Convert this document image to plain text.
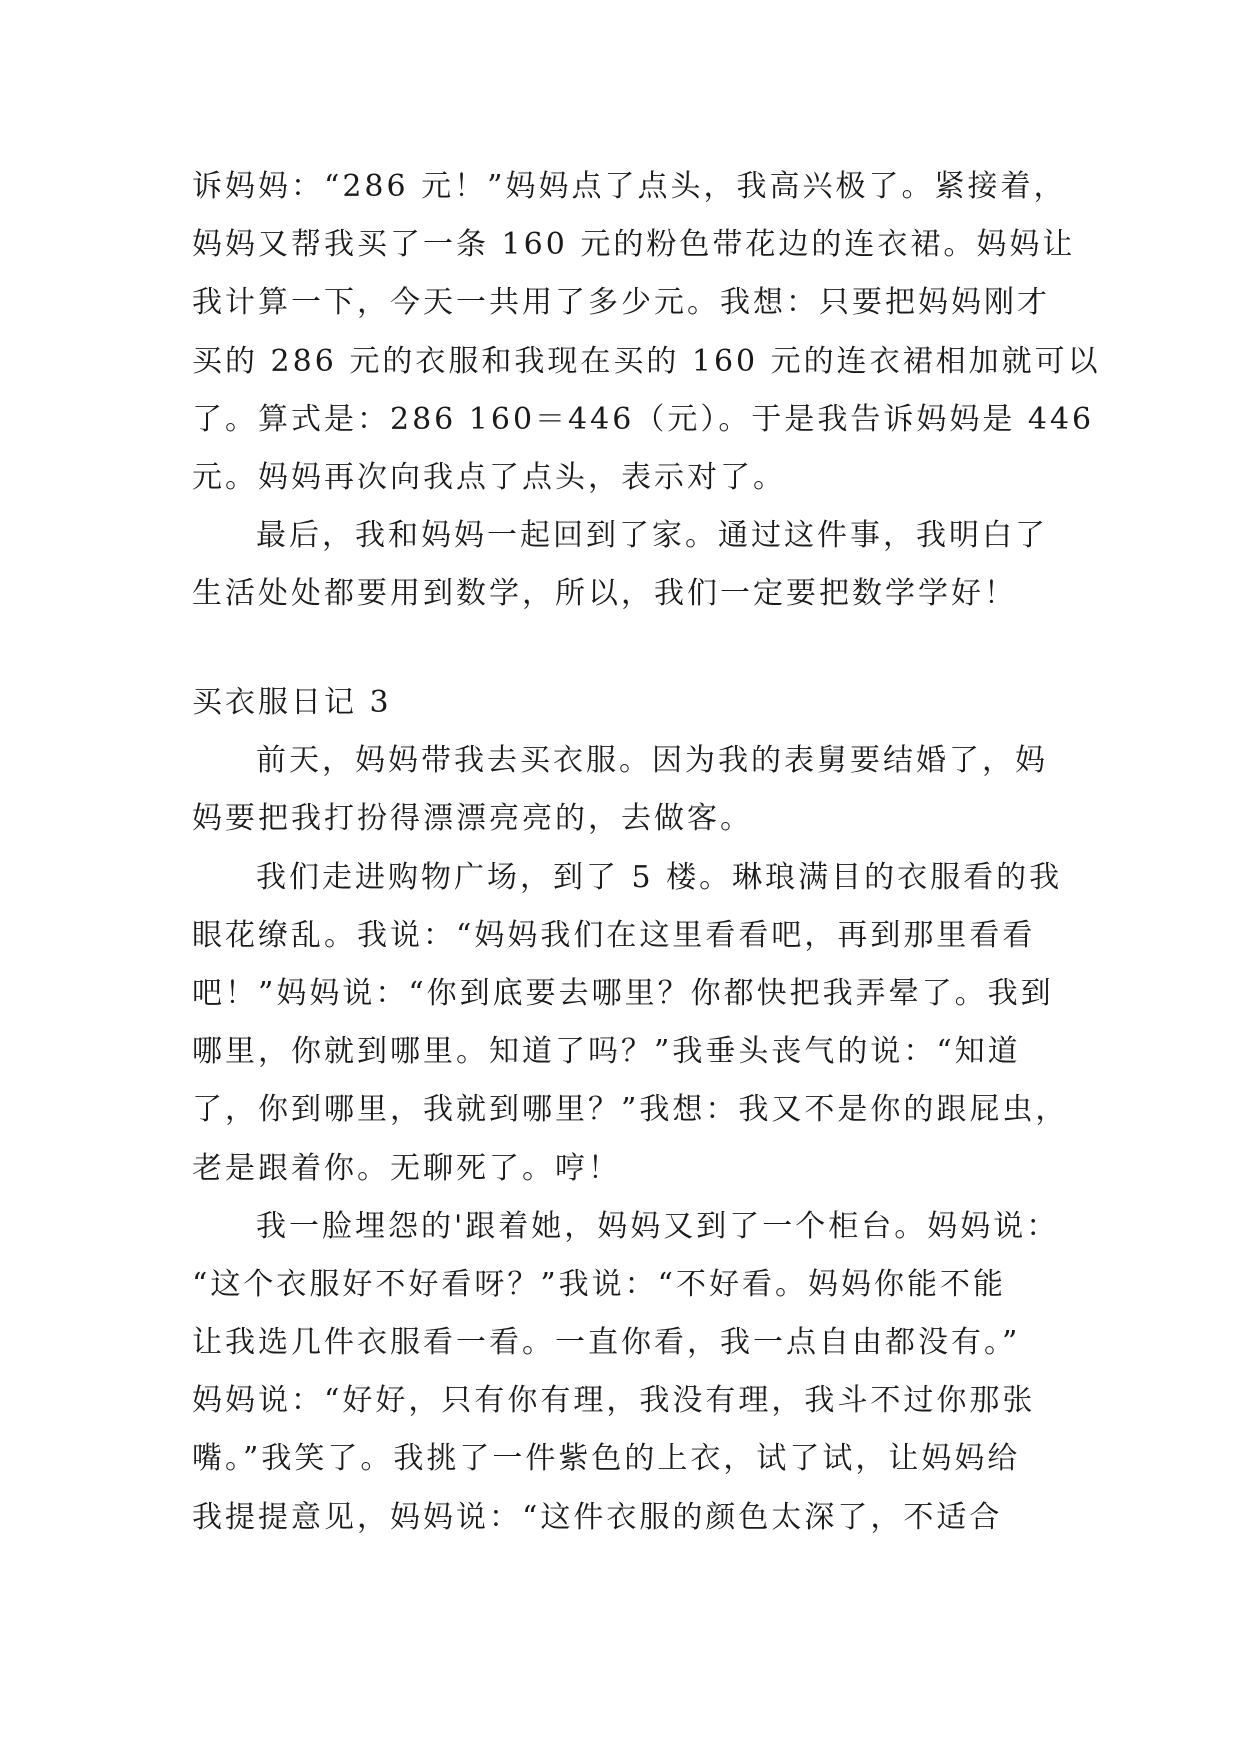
诉妈妈：“286 元！”妈妈点了点头，我高兴极了。紧接着，
妈妈又帮我买了一条 160 元的粉色带花边的连衣裙。妈妈让
我计算一下，今天一共用了多少元。我想：只要把妈妈刚才
买的 286 元的衣服和我现在买的 160 元的连衣裙相加就可以
了。算式是：286 160＝446（元）。于是我告诉妈妈是 446
元。妈妈再次向我点了点头，表示对了。
最后，我和妈妈一起回到了家。通过这件事，我明白了
生活处处都要用到数学，所以，我们一定要把数学学好！
买衣服日记 3
前天，妈妈带我去买衣服。因为我的表舅要结婚了，妈
妈要把我打扮得漂漂亮亮的，去做客。
我们走进购物广场，到了 5 楼。琳琅满目的衣服看的我
眼花缭乱。我说：“妈妈我们在这里看看吧，再到那里看看
吧！”妈妈说：“你到底要去哪里？你都快把我弄晕了。我到
哪里，你就到哪里。知道了吗？”我垂头丧气的说：“知道
了，你到哪里，我就到哪里？”我想：我又不是你的跟屁虫，
老是跟着你。无聊死了。哼！
我一脸埋怨的'跟着她，妈妈又到了一个柜台。妈妈说：
“这个衣服好不好看呀？”我说：“不好看。妈妈你能不能
让我选几件衣服看一看。一直你看，我一点自由都没有。”
妈妈说：“好好，只有你有理，我没有理，我斗不过你那张
嘴。”我笑了。我挑了一件紫色的上衣，试了试，让妈妈给
我提提意见，妈妈说：“这件衣服的颜色太深了，不适合
